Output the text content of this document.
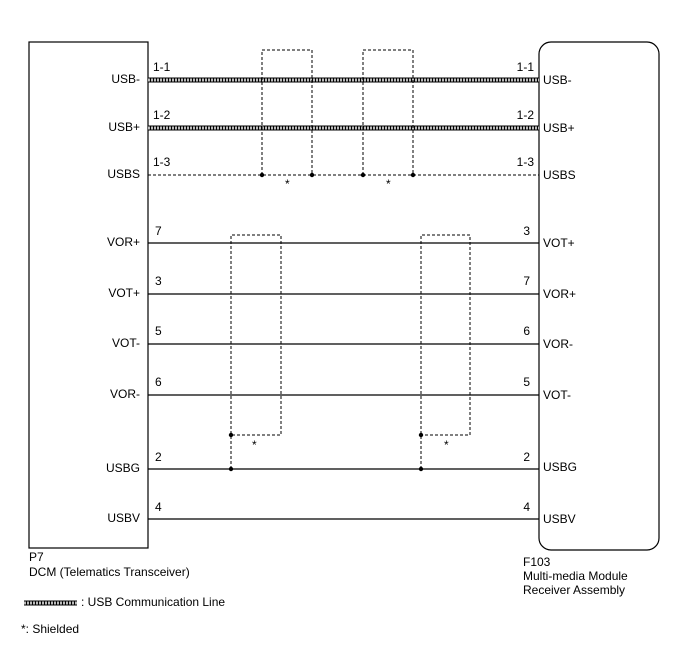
*	*
*	*
USB-
USB+
USBS
VOR+
VOT+
VOT-
VOR-
USBG
USBV
1-1
1-2
1-3
7
3
5
6
2
4
1-1
1-2
1-3
3
7
6
5
2
4
USB-
USB+
USBS
VOT+
VOR+
VOR-
VOT-
USBG
USBV
P7
DCM (Telematics Transceiver)
F103
Multi-media Module
Receiver Assembly
: USB Communication Line
*: Shielded
